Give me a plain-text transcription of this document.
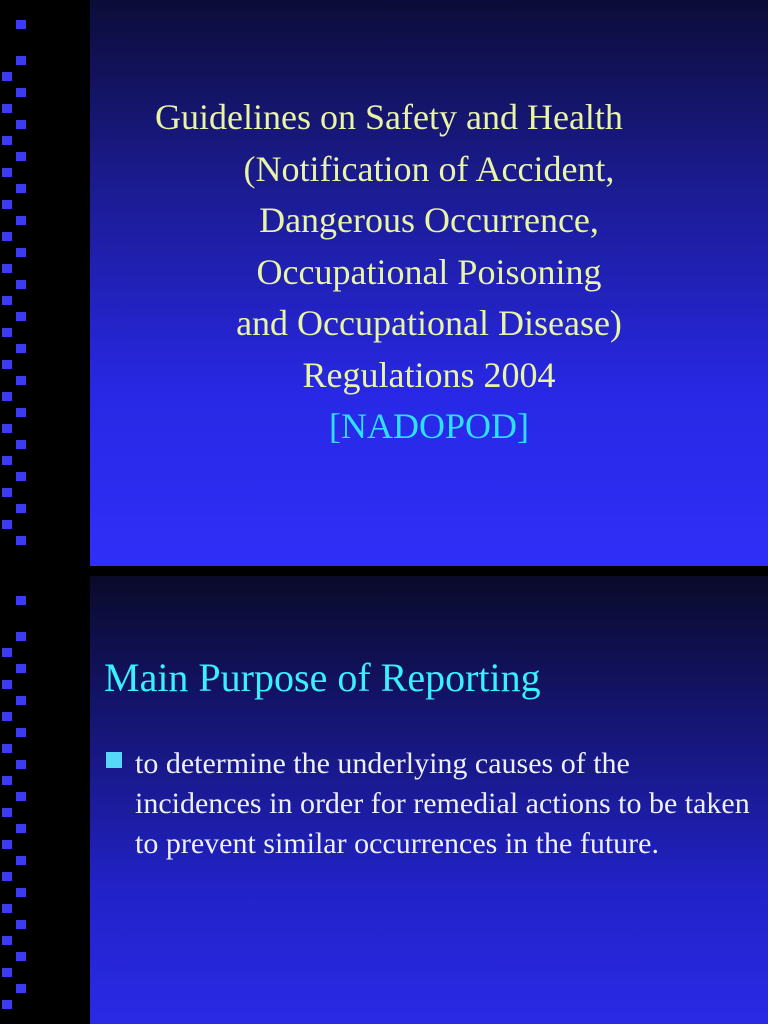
Guidelines on Safety and Health
(Notification of Accident,
Dangerous Occurrence,
Occupational Poisoning
and Occupational Disease)
Regulations 2004
[NADOPOD]
Main Purpose of Reporting
to determine the underlying causes of the incidences in order for remedial actions to be taken to prevent similar occurrences in the future.
